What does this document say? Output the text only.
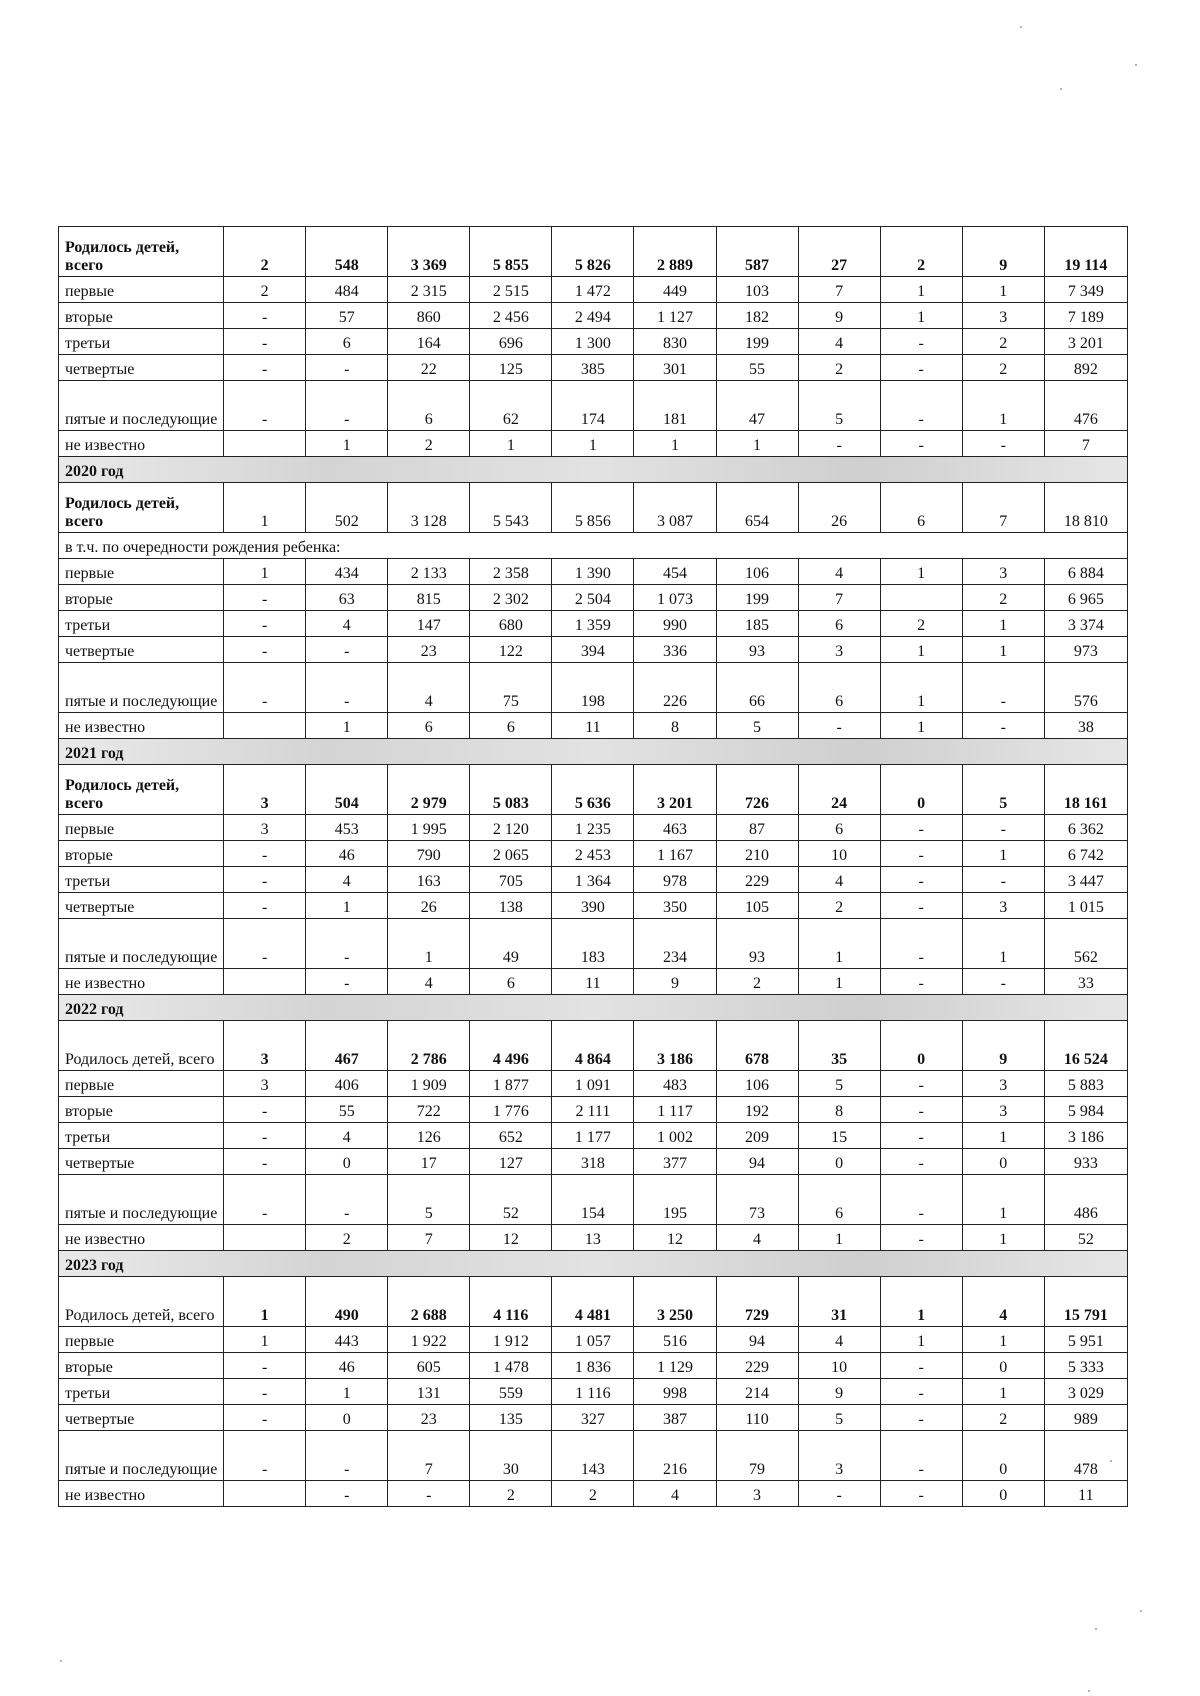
Родилось детей, всего	2	548	3 369	5 855	5 826	2 889	587	27	2	9	19 114
первые	2	484	2 315	2 515	1 472	449	103	7	1	1	7 349
вторые	-	57	860	2 456	2 494	1 127	182	9	1	3	7 189
третьи	-	6	164	696	1 300	830	199	4	-	2	3 201
четвертые	-	-	22	125	385	301	55	2	-	2	892
пятые и последующие	-	-	6	62	174	181	47	5	-	1	476
не известно		1	2	1	1	1	1	-	-	-	7
2020 год											
Родилось детей, всего	1	502	3 128	5 543	5 856	3 087	654	26	6	7	18 810
в т.ч. по очередности рождения ребенка:											
первые	1	434	2 133	2 358	1 390	454	106	4	1	3	6 884
вторые	-	63	815	2 302	2 504	1 073	199	7		2	6 965
третьи	-	4	147	680	1 359	990	185	6	2	1	3 374
четвертые	-	-	23	122	394	336	93	3	1	1	973
пятые и последующие	-	-	4	75	198	226	66	6	1	-	576
не известно		1	6	6	11	8	5	-	1	-	38
2021 год											
Родилось детей, всего	3	504	2 979	5 083	5 636	3 201	726	24	0	5	18 161
первые	3	453	1 995	2 120	1 235	463	87	6	-	-	6 362
вторые	-	46	790	2 065	2 453	1 167	210	10	-	1	6 742
третьи	-	4	163	705	1 364	978	229	4	-	-	3 447
четвертые	-	1	26	138	390	350	105	2	-	3	1 015
пятые и последующие	-	-	1	49	183	234	93	1	-	1	562
не известно		-	4	6	11	9	2	1	-	-	33
2022 год											
Родилось детей, всего	3	467	2 786	4 496	4 864	3 186	678	35	0	9	16 524
первые	3	406	1 909	1 877	1 091	483	106	5	-	3	5 883
вторые	-	55	722	1 776	2 111	1 117	192	8	-	3	5 984
третьи	-	4	126	652	1 177	1 002	209	15	-	1	3 186
четвертые	-	0	17	127	318	377	94	0	-	0	933
пятые и последующие	-	-	5	52	154	195	73	6	-	1	486
не известно		2	7	12	13	12	4	1	-	1	52
2023 год											
Родилось детей, всего	1	490	2 688	4 116	4 481	3 250	729	31	1	4	15 791
первые	1	443	1 922	1 912	1 057	516	94	4	1	1	5 951
вторые	-	46	605	1 478	1 836	1 129	229	10	-	0	5 333
третьи	-	1	131	559	1 116	998	214	9	-	1	3 029
четвертые	-	0	23	135	327	387	110	5	-	2	989
пятые и последующие	-	-	7	30	143	216	79	3	-	0	478
не известно		-	-	2	2	4	3	-	-	0	11
